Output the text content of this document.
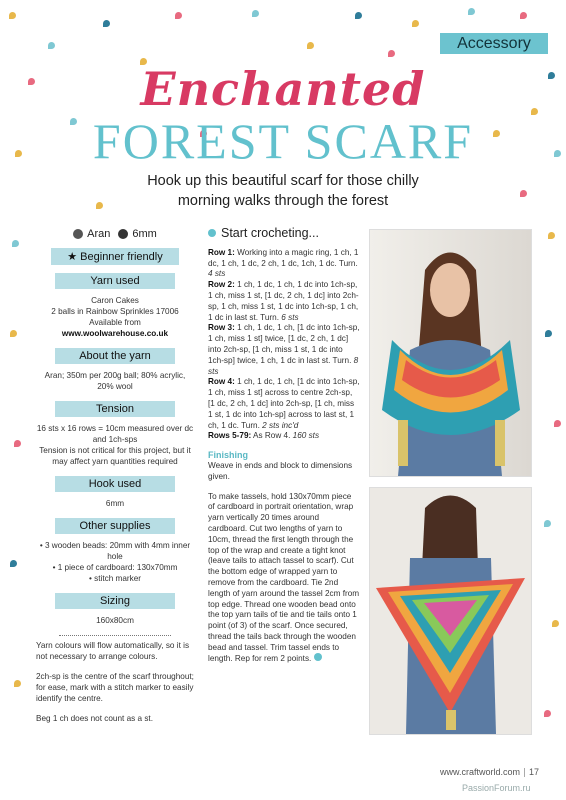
Accessory
Enchanted
FOREST SCARF
Hook up this beautiful scarf for those chilly
morning walks through the forest
Aran 6mm
★ Beginner friendly
Yarn used
Caron Cakes
2 balls in Rainbow Sprinkles 17006
Available from
www.woolwarehouse.co.uk
About the yarn
Aran; 350m per 200g ball; 80% acrylic, 20% wool
Tension
16 sts x 16 rows = 10cm measured over dc and 1ch-sps
Tension is not critical for this project, but it may affect yarn quantities required
Hook used
6mm
Other supplies
• 3 wooden beads: 20mm with 4mm inner hole
• 1 piece of cardboard: 130x70mm
• stitch marker
Sizing
160x80cm

Yarn colours will flow automatically, so it is not necessary to arrange colours.

2ch-sp is the centre of the scarf throughout; for ease, mark with a stitch marker to easily identify the centre.

Beg 1 ch does not count as a st.

Start crocheting...

Row 1: Working into a magic ring, 1 ch, 1 dc, 1 ch, 1 dc, 2 ch, 1 dc, 1ch, 1 dc. Turn. 4 sts

Row 2: 1 ch, 1 dc, 1 ch, 1 dc into 1ch-sp, 1 ch, miss 1 st, [1 dc, 2 ch, 1 dc] into 2ch-sp, 1 ch, miss 1 st, 1 dc into 1ch-sp, 1 ch, 1 dc in last st. Turn. 6 sts

Row 3: 1 ch, 1 dc, 1 ch, [1 dc into 1ch-sp, 1 ch, miss 1 st] twice, [1 dc, 2 ch, 1 dc] into 2ch-sp, [1 ch, miss 1 st, 1 dc into 1ch-sp] twice, 1 ch, 1 dc in last st. Turn. 8 sts

Row 4: 1 ch, 1 dc, 1 ch, [1 dc into 1ch-sp, 1 ch, miss 1 st] across to centre 2ch-sp, [1 dc, 2 ch, 1 dc] into 2ch-sp, [1 ch, miss 1 st, 1 dc into 1ch-sp] across to last st, 1 ch, 1 dc. Turn. 2 sts inc'd

Rows 5-79: As Row 4. 160 sts

Finishing

Weave in ends and block to dimensions given.

To make tassels, hold 130x70mm piece of cardboard in portrait orientation, wrap yarn vertically 20 times around cardboard. Cut two lengths of yarn to 10cm, thread the first length through the top of the wrap and create a tight knot (leave tails to attach tassel to scarf). Cut the bottom edge of wrapped yarn to remove from the cardboard. Tie 2nd length of yarn around the tassel 2cm from top edge. Thread one wooden bead onto the top yarn tails of tie and tie tails onto 1 point (of 3) of the scarf. Once secured, thread the tails back through the wooden bead and tassel. Trim tassel ends to length. Rep for rem 2 points.

www.craftworld.com 17
PassionForum.ru
